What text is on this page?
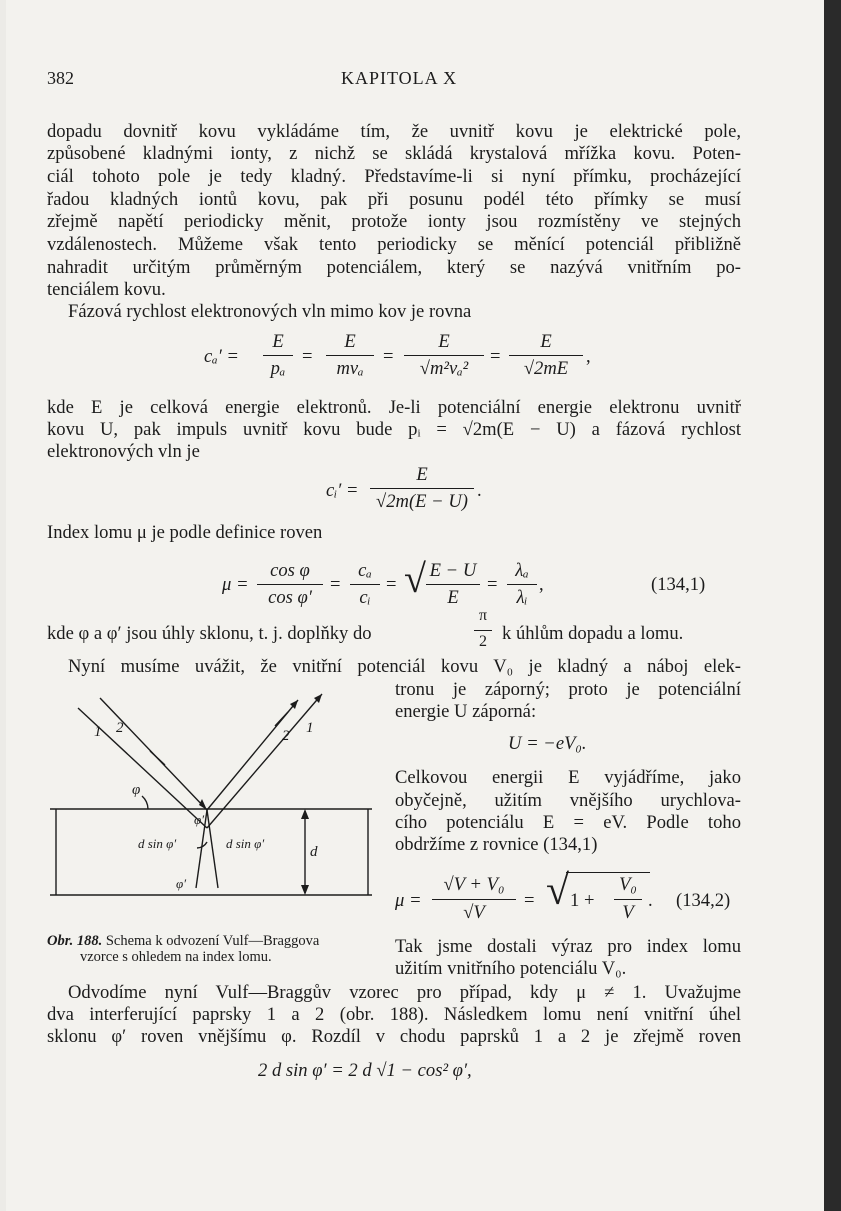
382	KAPITOLA X
dopadu dovnitř kovu vykládáme tím, že uvnitř kovu je elektrické pole,
způsobené kladnými ionty, z nichž se skládá krystalová mřížka kovu. Poten-
ciál tohoto pole je tedy kladný. Představíme-li si nyní přímku, procházející
řadou kladných iontů kovu, pak při posunu podél této přímky se musí
zřejmě napětí periodicky měnit, protože ionty jsou rozmístěny ve stejných
vzdálenostech. Můžeme však tento periodicky se měnící potenciál přibližně
nahradit určitým průměrným potenciálem, který se nazývá vnitřním po-
tenciálem kovu.
Fázová rychlost elektronových vln mimo kov je rovna
cₐ′ =
E
pₐ
=
E
mvₐ
=
E
√m²vₐ²
=
E
√2mE
,
kde E je celková energie elektronů. Je-li potenciální energie elektronu uvnitř
kovu U, pak impuls uvnitř kovu bude pᵢ = √2m(E − U) a fázová rychlost
elektronových vln je
cᵢ′ =
E
√2m(E − U)
.
Index lomu μ je podle definice roven
μ =
cos φ
cos φ′
=
cₐ
cᵢ
= √ E − U
E
=
λₐ
λᵢ
,	(134,1)
kde φ a φ′ jsou úhly sklonu, t. j. doplňky do
π
2 k úhlům dopadu a lomu.
Nyní musíme uvážit, že vnitřní potenciál kovu V₀ je kladný a náboj elek-
tronu je záporný; proto je potenciální
energie U záporná:
U = −eV₀.
Celkovou energii E vyjádříme, jako
obyčejně, užitím vnějšího urychlova-
cího potenciálu E = eV. Podle toho
obdržíme z rovnice (134,1)
μ =
√V + V₀
√V
= √ 1 +
V₀
V
. (134,2)
1 2	2 1
φ
φ′
φ′
d sin φ′	d sin φ′
d
Obr. 188. Schema k odvození Vulf—Braggova
vzorce s ohledem na index lomu.	Tak jsme dostali výraz pro index lomu
užitím vnitřního potenciálu V₀.
Odvodíme nyní Vulf—Braggův vzorec pro případ, kdy μ ≠ 1. Uvažujme
dva interferující paprsky 1 a 2 (obr. 188). Následkem lomu není vnitřní úhel
sklonu φ′ roven vnějšímu φ. Rozdíl v chodu paprsků 1 a 2 je zřejmě roven
2 d sin φ′ = 2 d √1 − cos² φ′,
